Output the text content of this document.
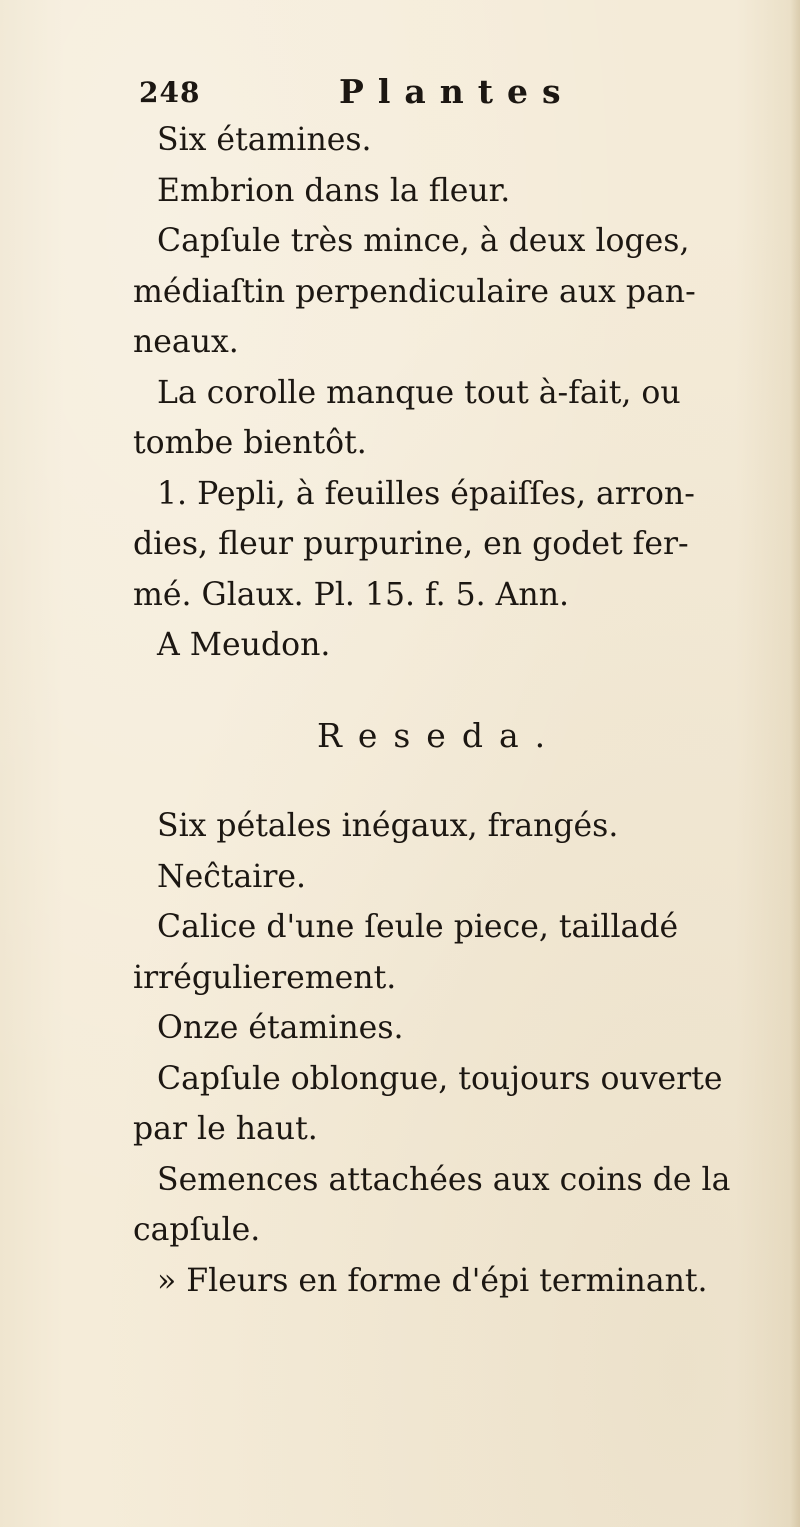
248	Plantes
Six étamines.
Embrion dans la fleur.
Capſule très mince, à deux loges,
médiaſtin perpendiculaire aux pan-
neaux.
La corolle manque tout à-fait, ou
tombe bientôt.
1. Pepli, à feuilles épaiſſes, arron-
dies, fleur purpurine, en godet fer-
mé. Glaux. Pl. 15. f. 5. Ann.
A Meudon.
Reseda.
Six pétales inégaux, frangés.
Neĉtaire.
Calice d'une ſeule piece, tailladé
irrégulierement.
Onze étamines.
Capſule oblongue, toujours ouverte
par le haut.
Semences attachées aux coins de la
capſule.
» Fleurs en forme d'épi terminant.
